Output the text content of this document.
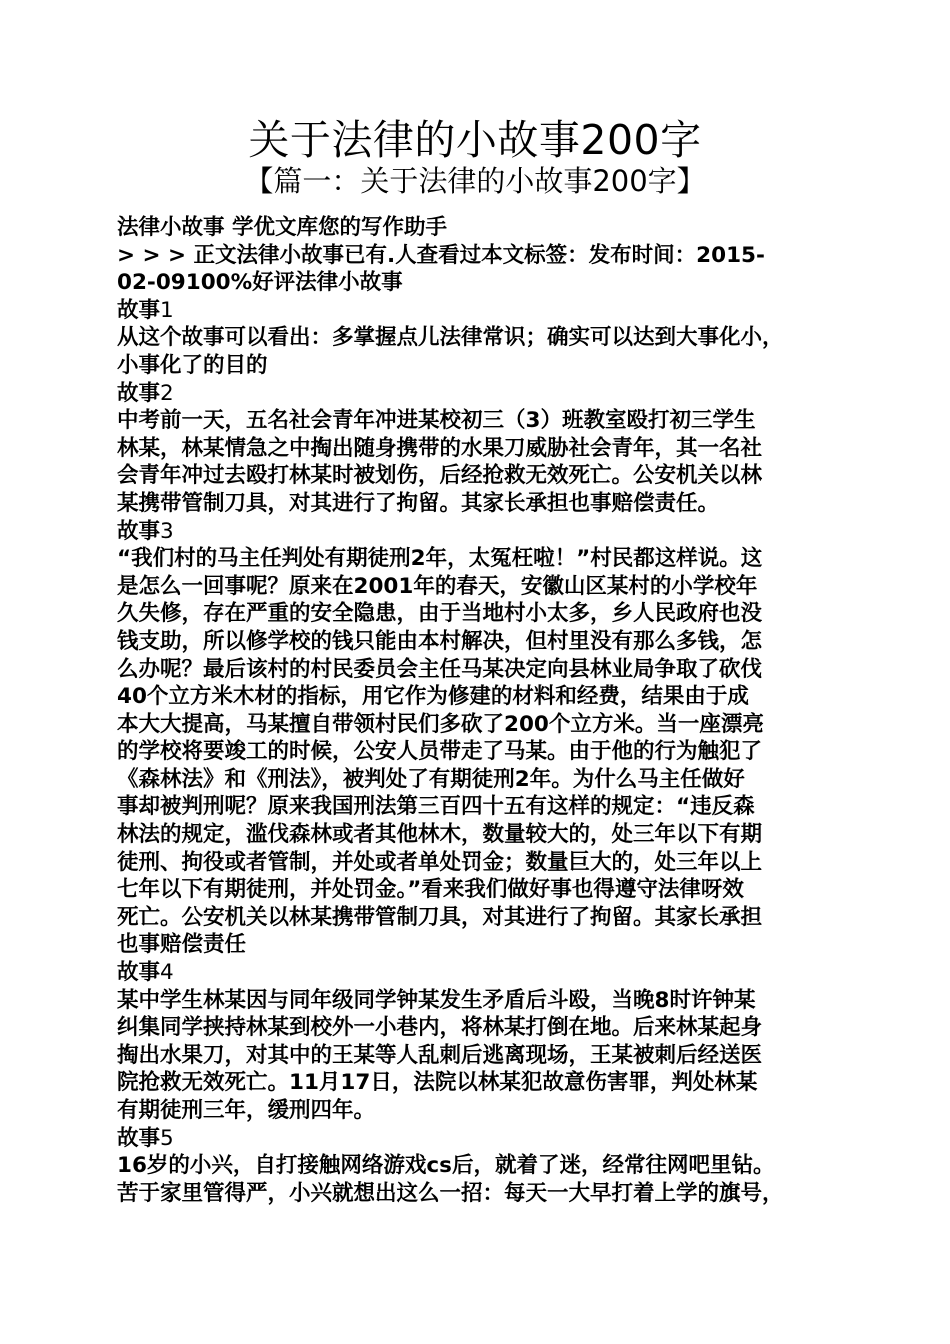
关于法律的小故事200字
【篇一：关于法律的小故事200字】
法律小故事 学优文库您的写作助手
> > > 正文法律小故事已有.人查看过本文标签：发布时间：2015-
02-09100%好评法律小故事
故事1
从这个故事可以看出：多掌握点儿法律常识；确实可以达到大事化小，
小事化了的目的
故事2
中考前一天，五名社会青年冲进某校初三（3）班教室殴打初三学生
林某，林某情急之中掏出随身携带的水果刀威胁社会青年，其一名社
会青年冲过去殴打林某时被划伤，后经抢救无效死亡。公安机关以林
某携带管制刀具，对其进行了拘留。其家长承担也事赔偿责任。
故事3
“我们村的马主任判处有期徒刑2年，太冤枉啦！”村民都这样说。这
是怎么一回事呢？原来在2001年的春天，安徽山区某村的小学校年
久失修，存在严重的安全隐患，由于当地村小太多，乡人民政府也没
钱支助，所以修学校的钱只能由本村解决，但村里没有那么多钱，怎
么办呢？最后该村的村民委员会主任马某决定向县林业局争取了砍伐
40个立方米木材的指标，用它作为修建的材料和经费，结果由于成
本大大提高，马某擅自带领村民们多砍了200个立方米。当一座漂亮
的学校将要竣工的时候，公安人员带走了马某。由于他的行为触犯了
《森林法》和《刑法》，被判处了有期徒刑2年。为什么马主任做好
事却被判刑呢？原来我国刑法第三百四十五有这样的规定：“违反森
林法的规定，滥伐森林或者其他林木，数量较大的，处三年以下有期
徒刑、拘役或者管制，并处或者单处罚金；数量巨大的，处三年以上
七年以下有期徒刑，并处罚金。”看来我们做好事也得遵守法律呀效
死亡。公安机关以林某携带管制刀具，对其进行了拘留。其家长承担
也事赔偿责任
故事4
某中学生林某因与同年级同学钟某发生矛盾后斗殴，当晚8时许钟某
纠集同学挟持林某到校外一小巷内，将林某打倒在地。后来林某起身
掏出水果刀，对其中的王某等人乱刺后逃离现场，王某被刺后经送医
院抢救无效死亡。11月17日，法院以林某犯故意伤害罪，判处林某
有期徒刑三年，缓刑四年。
故事5
16岁的小兴，自打接触网络游戏cs后，就着了迷，经常往网吧里钻。
苦于家里管得严，小兴就想出这么一招：每天一大早打着上学的旗号，
